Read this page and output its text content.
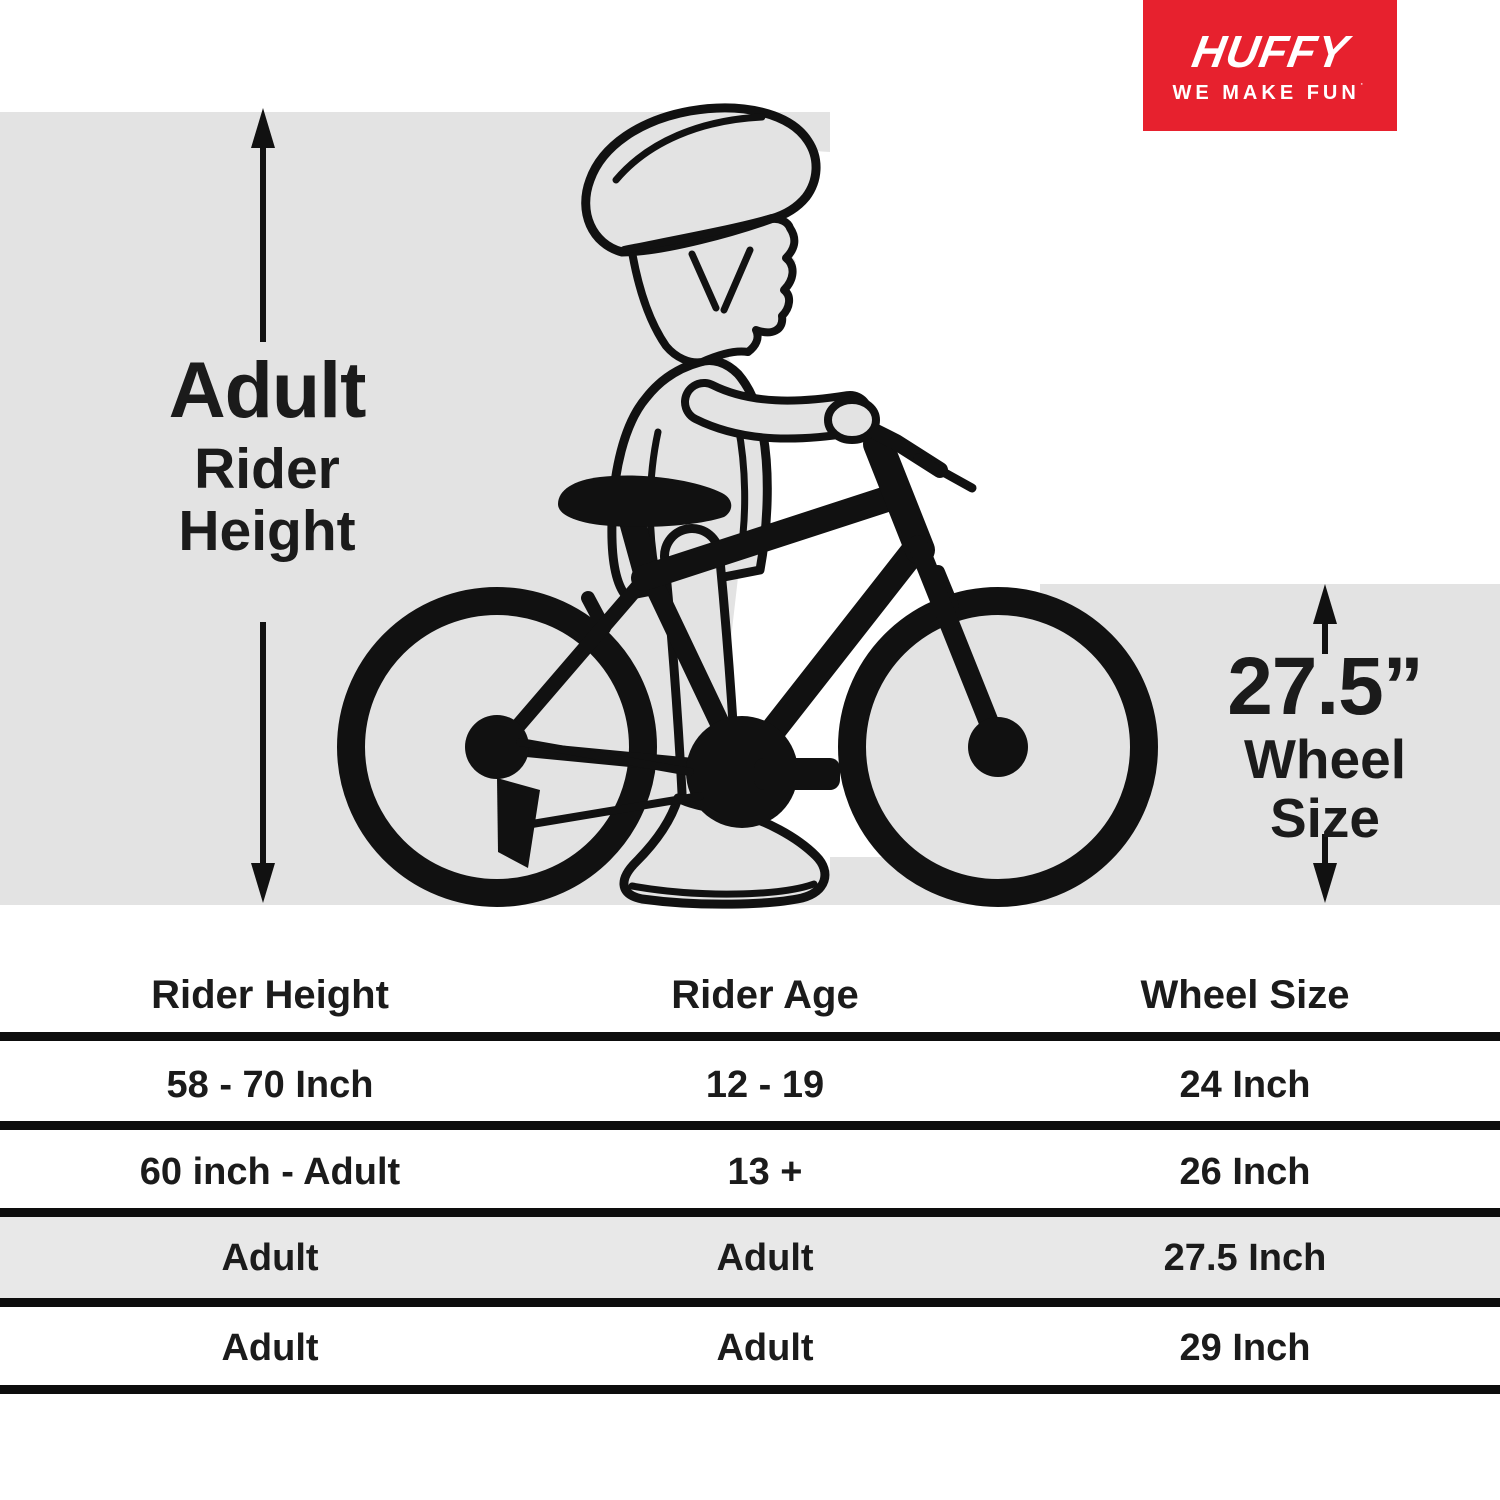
HUFFY
WE MAKE FUN˙
Adult
Rider
Height
27.5”
Wheel
Size
Rider Height	Rider Age	Wheel Size
58 - 70 Inch	12 - 19	24 Inch
60 inch - Adult	13 +	26 Inch
Adult	Adult	27.5 Inch
Adult	Adult	29 Inch
